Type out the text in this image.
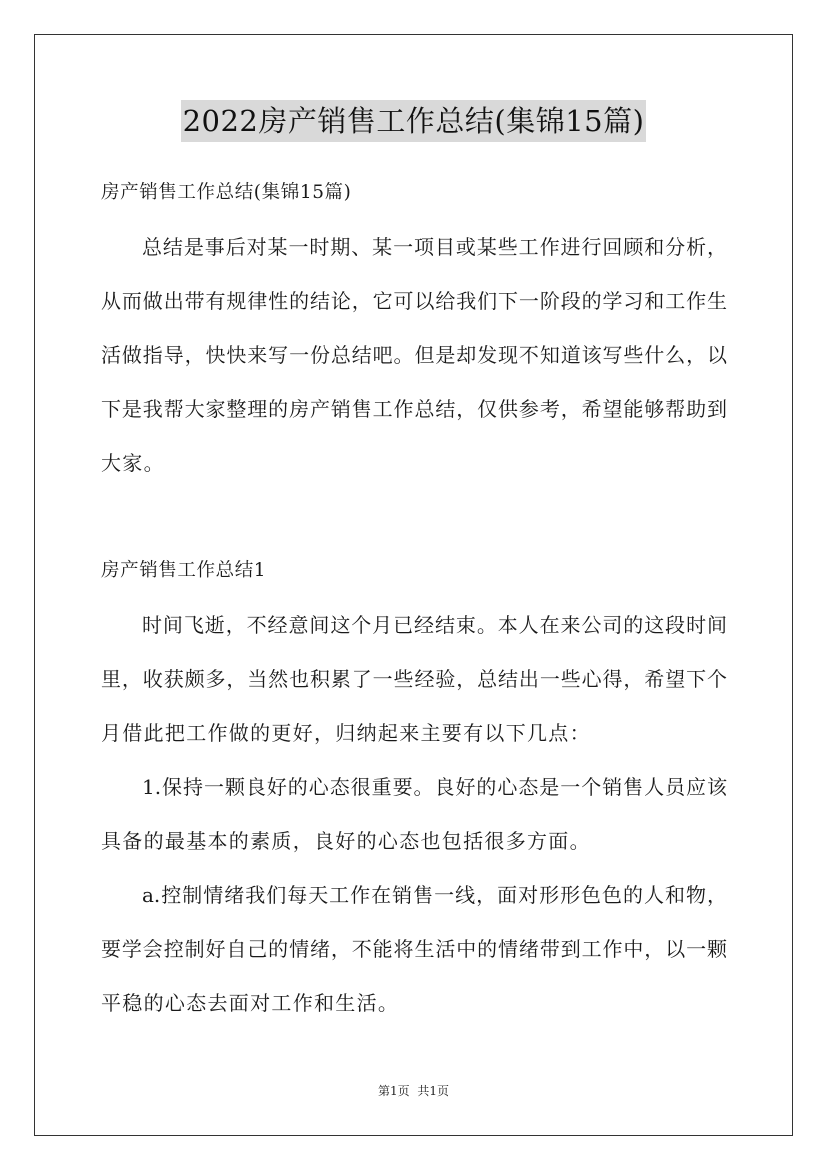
2022房产销售工作总结(集锦15篇)
房产销售工作总结(集锦15篇)
总结是事后对某一时期、某一项目或某些工作进行回顾和分析，
从而做出带有规律性的结论，它可以给我们下一阶段的学习和工作生
活做指导，快快来写一份总结吧。但是却发现不知道该写些什么，以
下是我帮大家整理的房产销售工作总结，仅供参考，希望能够帮助到
大家。
房产销售工作总结1
时间飞逝，不经意间这个月已经结束。本人在来公司的这段时间
里，收获颇多，当然也积累了一些经验，总结出一些心得，希望下个
月借此把工作做的更好，归纳起来主要有以下几点：
1.保持一颗良好的心态很重要。良好的心态是一个销售人员应该
具备的最基本的素质，良好的心态也包括很多方面。
a.控制情绪我们每天工作在销售一线，面对形形色色的人和物，
要学会控制好自己的情绪，不能将生活中的情绪带到工作中，以一颗
平稳的心态去面对工作和生活。
第1页 共1页
